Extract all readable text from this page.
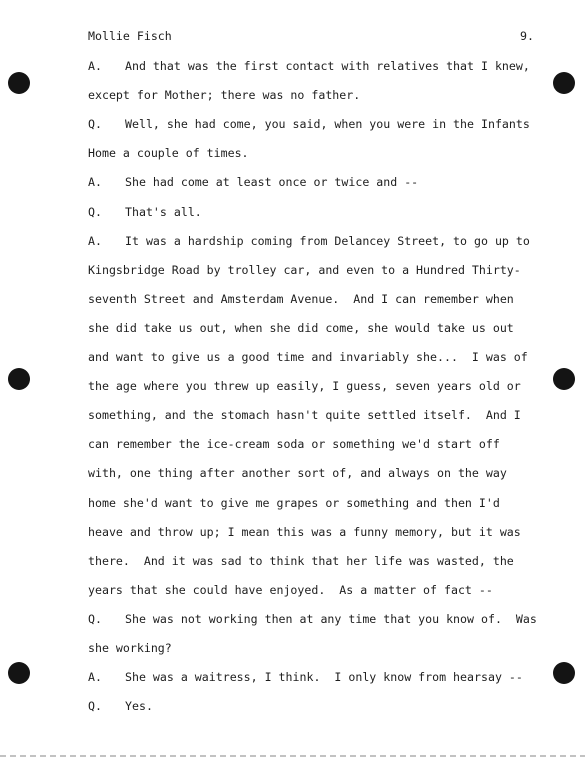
Mollie Fisch	9.
A. And that was the first contact with relatives that I knew,
except for Mother; there was no father.
Q. Well, she had come, you said, when you were in the Infants
Home a couple of times.
A. She had come at least once or twice and --
Q. That's all.
A. It was a hardship coming from Delancey Street, to go up to
Kingsbridge Road by trolley car, and even to a Hundred Thirty-
seventh Street and Amsterdam Avenue.  And I can remember when
she did take us out, when she did come, she would take us out
and want to give us a good time and invariably she...  I was of
the age where you threw up easily, I guess, seven years old or
something, and the stomach hasn't quite settled itself.  And I
can remember the ice-cream soda or something we'd start off
with, one thing after another sort of, and always on the way
home she'd want to give me grapes or something and then I'd
heave and throw up; I mean this was a funny memory, but it was
there.  And it was sad to think that her life was wasted, the
years that she could have enjoyed.  As a matter of fact --
Q. She was not working then at any time that you know of.  Was
she working?
A. She was a waitress, I think.  I only know from hearsay --
Q. Yes.
